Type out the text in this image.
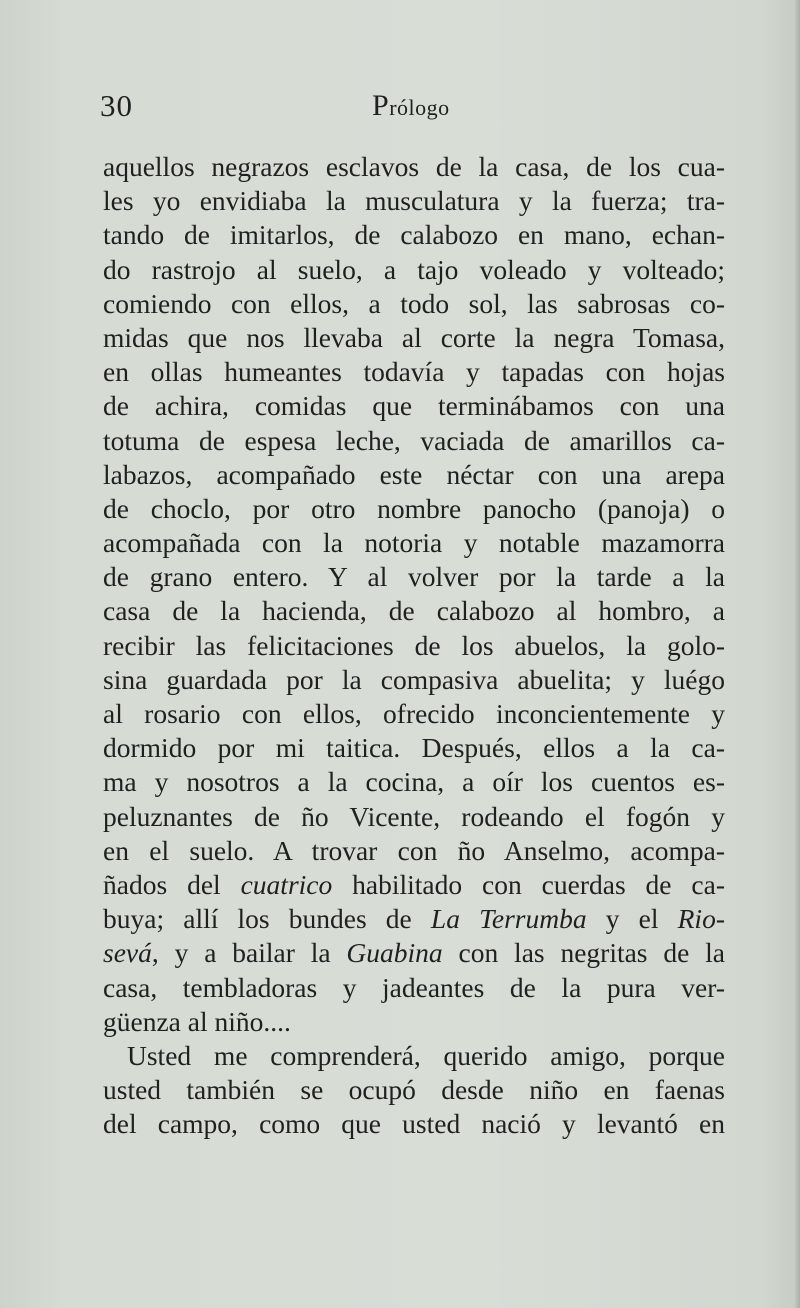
30	Prólogo
aquellos negrazos esclavos de la casa, de los cua-
les yo envidiaba la musculatura y la fuerza; tra-
tando de imitarlos, de calabozo en mano, echan-
do rastrojo al suelo, a tajo voleado y volteado;
comiendo con ellos, a todo sol, las sabrosas co-
midas que nos llevaba al corte la negra Tomasa,
en ollas humeantes todavía y tapadas con hojas
de achira, comidas que terminábamos con una
totuma de espesa leche, vaciada de amarillos ca-
labazos, acompañado este néctar con una arepa
de choclo, por otro nombre panocho (panoja) o
acompañada con la notoria y notable mazamorra
de grano entero. Y al volver por la tarde a la
casa de la hacienda, de calabozo al hombro, a
recibir las felicitaciones de los abuelos, la golo-
sina guardada por la compasiva abuelita; y luégo
al rosario con ellos, ofrecido inconcientemente y
dormido por mi taitica. Después, ellos a la ca-
ma y nosotros a la cocina, a oír los cuentos es-
peluznantes de ño Vicente, rodeando el fogón y
en el suelo. A trovar con ño Anselmo, acompa-
ñados del cuatrico habilitado con cuerdas de ca-
buya; allí los bundes de La Terrumba y el Rio-
sevá, y a bailar la Guabina con las negritas de la
casa, tembladoras y jadeantes de la pura ver-
güenza al niño....
Usted me comprenderá, querido amigo, porque
usted también se ocupó desde niño en faenas
del campo, como que usted nació y levantó en
